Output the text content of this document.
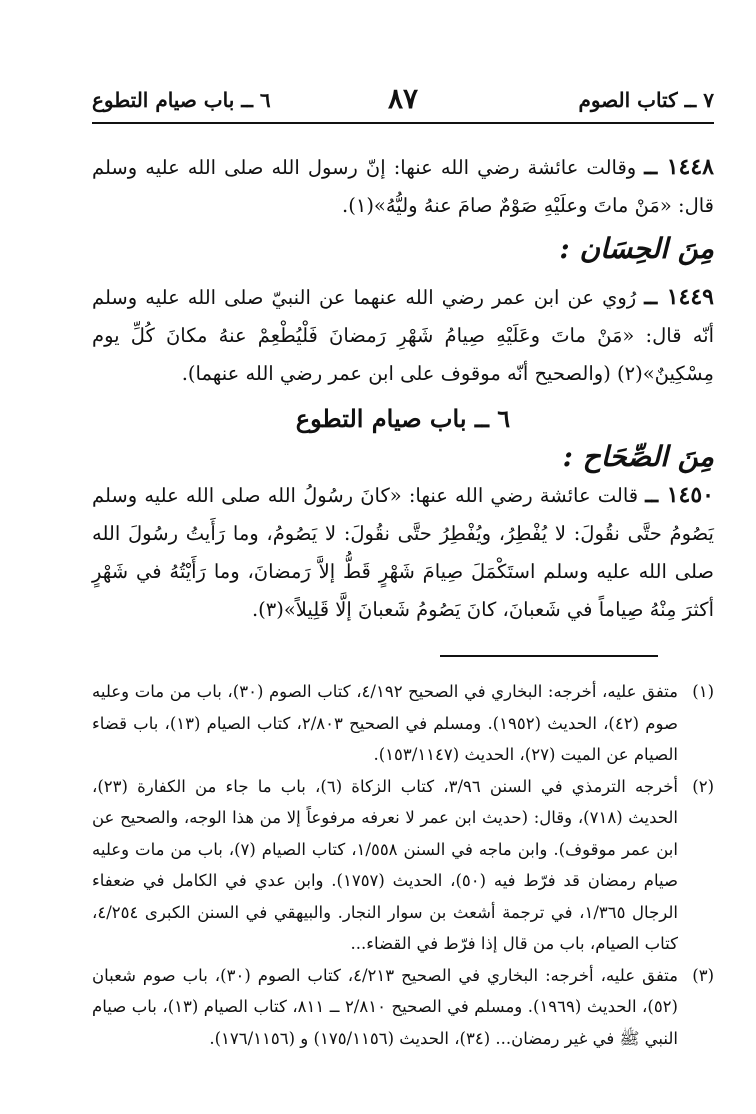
٧ ــ كتاب الصوم
٨٧
٦ ــ باب صيام التطوع

١٤٤٨ ــ وقالت عائشة رضي الله عنها: إنّ رسول الله صلى الله عليه وسلم قال: «مَنْ ماتَ وعلَيْهِ صَوْمٌ صامَ عنهُ وليُّهُ»(١).

مِنَ الحِسَان :

١٤٤٩ ــ رُوي عن ابن عمر رضي الله عنهما عن النبيّ صلى الله عليه وسلم أنّه قال: «مَنْ ماتَ وعَلَيْهِ صِيامُ شَهْرِ رَمضانَ فَلْيُطْعِمْ عنهُ مكانَ كُلِّ يوم مِسْكِينٌ»(٢) (والصحيح أنّه موقوف على ابن عمر رضي الله عنهما).

٦ ــ باب صيام التطوع
مِنَ الصِّحَاح :

١٤٥٠ ــ قالت عائشة رضي الله عنها: «كانَ رسُولُ الله صلى الله عليه وسلم يَصُومُ حتَّى نقُولَ: لا يُفْطِرُ، ويُفْطِرُ حتَّى نقُولَ: لا يَصُومُ، وما رَأَيتُ رسُولَ الله صلى الله عليه وسلم استَكْمَلَ صِيامَ شَهْرٍ قَطُّ إلاَّ رَمضانَ، وما رَأَيْتُهُ في شَهْرٍ أكثرَ مِنْهُ صِياماً في شَعبانَ، كانَ يَصُومُ شَعبانَ إلَّا قَلِيلاً»(٣).

(١)
متفق عليه، أخرجه: البخاري في الصحيح ٤/١٩٢، كتاب الصوم (٣٠)، باب من مات وعليه صوم (٤٢)، الحديث (١٩٥٢). ومسلم في الصحيح ٢/٨٠٣، كتاب الصيام (١٣)، باب قضاء الصيام عن الميت (٢٧)، الحديث (١٥٣/١١٤٧).

(٢)
أخرجه الترمذي في السنن ٣/٩٦، كتاب الزكاة (٦)، باب ما جاء من الكفارة (٢٣)، الحديث (٧١٨)، وقال: (حديث ابن عمر لا نعرفه مرفوعاً إلا من هذا الوجه، والصحيح عن ابن عمر موقوف). وابن ماجه في السنن ١/٥٥٨، كتاب الصيام (٧)، باب من مات وعليه صيام رمضان قد فرّط فيه (٥٠)، الحديث (١٧٥٧). وابن عدي في الكامل في ضعفاء الرجال ١/٣٦٥، في ترجمة أشعث بن سوار النجار. والبيهقي في السنن الكبرى ٤/٢٥٤، كتاب الصيام، باب من قال إذا فرّط في القضاء...

(٣)
متفق عليه، أخرجه: البخاري في الصحيح ٤/٢١٣، كتاب الصوم (٣٠)، باب صوم شعبان (٥٢)، الحديث (١٩٦٩). ومسلم في الصحيح ٢/٨١٠ ــ ٨١١، كتاب الصيام (١٣)، باب صيام النبي ﷺ في غير رمضان... (٣٤)، الحديث (١٧٥/١١٥٦) و (١٧٦/١١٥٦).
